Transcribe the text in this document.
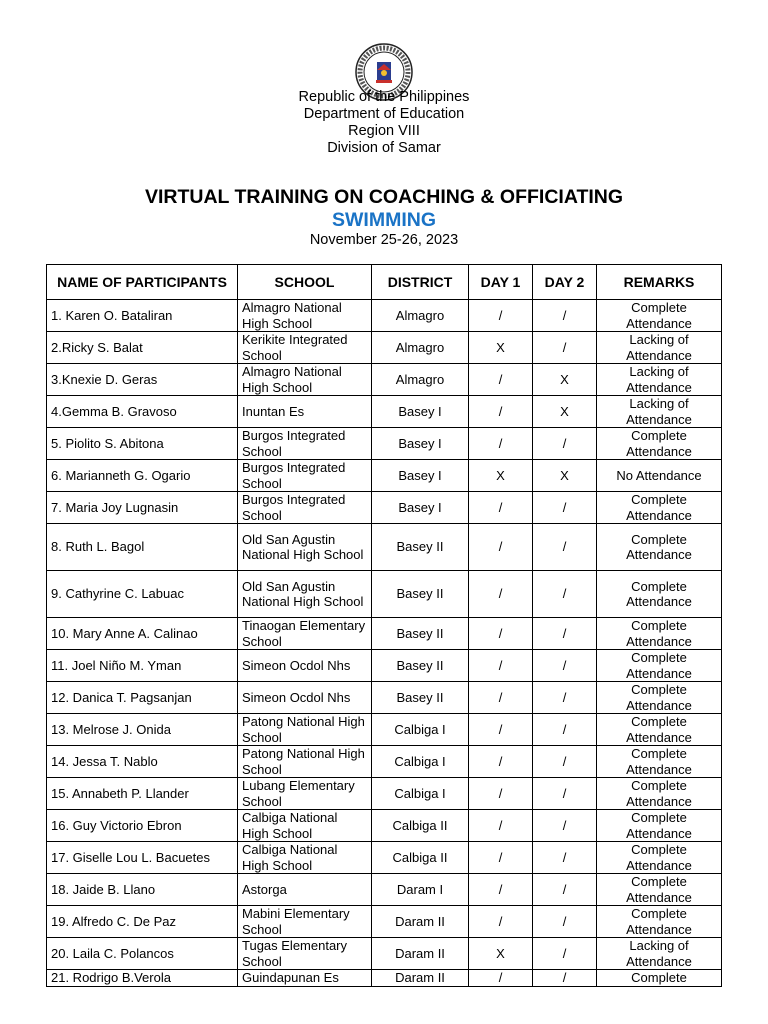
Republic of the Philippines
Department of Education
Region VIII
Division of Samar
VIRTUAL TRAINING ON COACHING & OFFICIATING
SWIMMING
November 25-26, 2023
NAME OF PARTICIPANTS	SCHOOL	DISTRICT	DAY 1	DAY 2	REMARKS
1. Karen O. Bataliran	Almagro National High School	Almagro	/	/	Complete Attendance
2.Ricky S. Balat	Kerikite Integrated School	Almagro	X	/	Lacking of Attendance
3.Knexie D. Geras	Almagro National High School	Almagro	/	X	Lacking of Attendance
4.Gemma B. Gravoso	Inuntan Es	Basey I	/	X	Lacking of Attendance
5. Piolito S. Abitona	Burgos Integrated School	Basey I	/	/	Complete Attendance
6. Marianneth G. Ogario	Burgos Integrated School	Basey I	X	X	No Attendance
7. Maria Joy Lugnasin	Burgos Integrated School	Basey I	/	/	Complete Attendance
8. Ruth L. Bagol	Old San Agustin National High School	Basey II	/	/	Complete Attendance
9. Cathyrine C. Labuac	Old San Agustin National High School	Basey II	/	/	Complete Attendance
10. Mary Anne A. Calinao	Tinaogan Elementary School	Basey II	/	/	Complete Attendance
11. Joel Niño M. Yman	Simeon Ocdol Nhs	Basey II	/	/	Complete Attendance
12. Danica T. Pagsanjan	Simeon Ocdol Nhs	Basey II	/	/	Complete Attendance
13. Melrose J. Onida	Patong National High School	Calbiga I	/	/	Complete Attendance
14. Jessa T. Nablo	Patong National High School	Calbiga I	/	/	Complete Attendance
15. Annabeth P. Llander	Lubang Elementary School	Calbiga I	/	/	Complete Attendance
16. Guy Victorio Ebron	Calbiga National High School	Calbiga II	/	/	Complete Attendance
17. Giselle Lou L. Bacuetes	Calbiga National High School	Calbiga II	/	/	Complete Attendance
18. Jaide B. Llano	Astorga	Daram I	/	/	Complete Attendance
19. Alfredo C. De Paz	Mabini Elementary School	Daram II	/	/	Complete Attendance
20. Laila C. Polancos	Tugas Elementary School	Daram II	X	/	Lacking of Attendance
21. Rodrigo B.Verola	Guindapunan Es	Daram II	/	/	Complete
